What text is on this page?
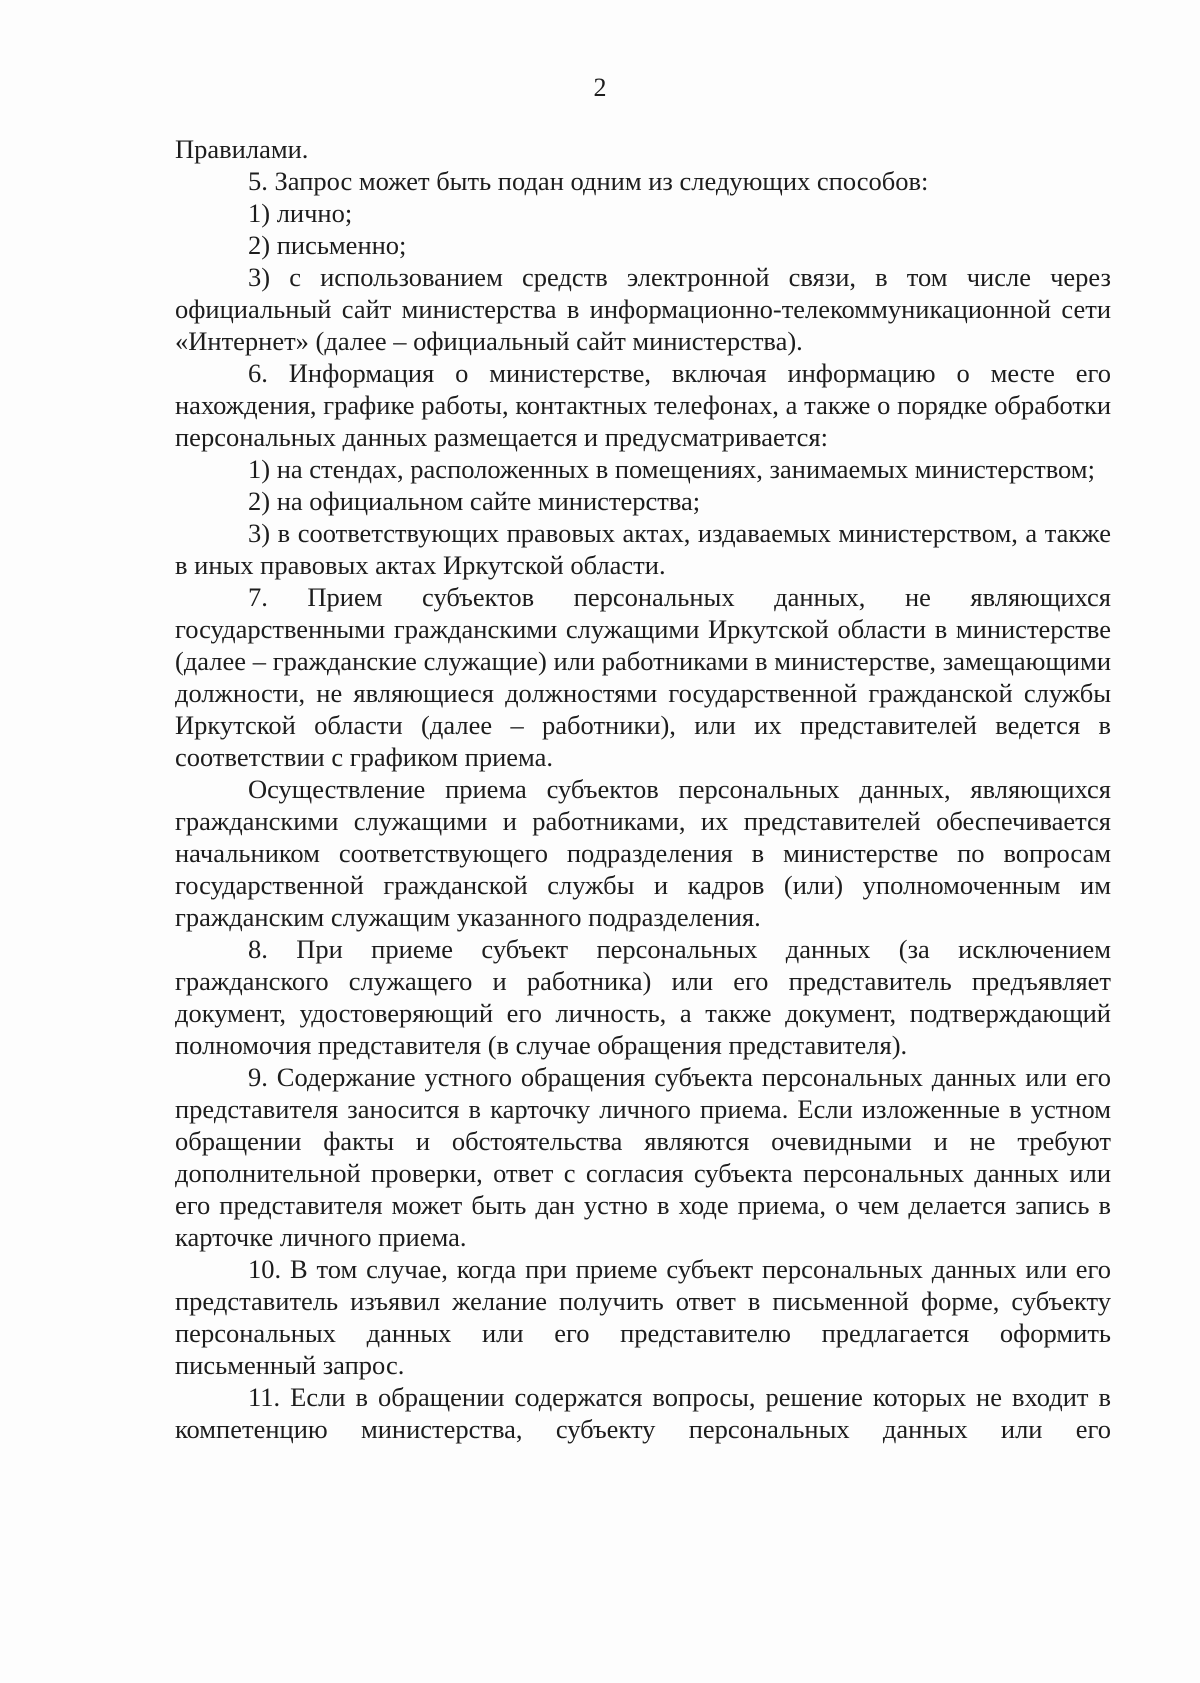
2

Правилами.

5. Запрос может быть подан одним из следующих способов:

1) лично;

2) письменно;

3) с использованием средств электронной связи, в том числе через официальный сайт министерства в информационно-телекоммуникационной сети «Интернет» (далее – официальный сайт министерства).

6. Информация о министерстве, включая информацию о месте его нахождения, графике работы, контактных телефонах, а также о порядке обработки персональных данных размещается и предусматривается:

1) на стендах, расположенных в помещениях, занимаемых министерством;

2) на официальном сайте министерства;

3) в соответствующих правовых актах, издаваемых министерством, а также в иных правовых актах Иркутской области.

7. Прием субъектов персональных данных, не являющихся государственными гражданскими служащими Иркутской области в министерстве (далее – гражданские служащие) или работниками в министерстве, замещающими должности, не являющиеся должностями государственной гражданской службы Иркутской области (далее – работники), или их представителей ведется в соответствии с графиком приема.

Осуществление приема субъектов персональных данных, являющихся гражданскими служащими и работниками, их представителей обеспечивается начальником соответствующего подразделения в министерстве по вопросам государственной гражданской службы и кадров (или) уполномоченным им гражданским служащим указанного подразделения.

8. При приеме субъект персональных данных (за исключением гражданского служащего и работника) или его представитель предъявляет документ, удостоверяющий его личность, а также документ, подтверждающий полномочия представителя (в случае обращения представителя).

9. Содержание устного обращения субъекта персональных данных или его представителя заносится в карточку личного приема. Если изложенные в устном обращении факты и обстоятельства являются очевидными и не требуют дополнительной проверки, ответ с согласия субъекта персональных данных или его представителя может быть дан устно в ходе приема, о чем делается запись в карточке личного приема.

10. В том случае, когда при приеме субъект персональных данных или его представитель изъявил желание получить ответ в письменной форме, субъекту персональных данных или его представителю предлагается оформить письменный запрос.

11. Если в обращении содержатся вопросы, решение которых не входит в компетенцию министерства, субъекту персональных данных или его
